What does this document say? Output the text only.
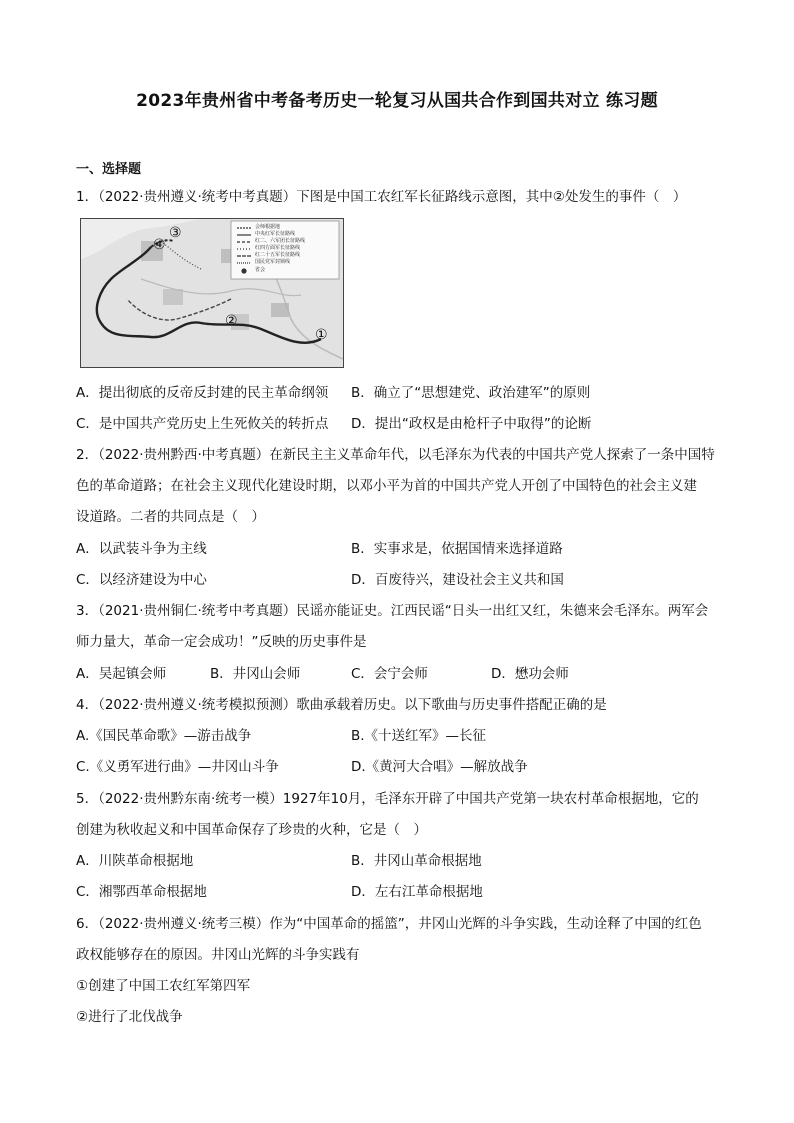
2023年贵州省中考备考历史一轮复习从国共合作到国共对立 练习题
一、选择题
1．（2022·贵州遵义·统考中考真题）下图是中国工农红军长征路线示意图，其中②处发生的事件（　）
①
②
③
④
会师根据地
中央红军长征路线
红二、六军团长征路线
红四方面军长征路线
红二十五军长征路线
国民党军封锁线
省会
A．提出彻底的反帝反封建的民主革命纲领 B．确立了“思想建党、政治建军”的原则
C．是中国共产党历史上生死攸关的转折点 D．提出“政权是由枪杆子中取得”的论断
2．（2022·贵州黔西·中考真题）在新民主主义革命年代，以毛泽东为代表的中国共产党人探索了一条中国特
色的革命道路；在社会主义现代化建设时期，以邓小平为首的中国共产党人开创了中国特色的社会主义建
设道路。二者的共同点是（　）
A．以武装斗争为主线	B．实事求是，依据国情来选择道路
C．以经济建设为中心	D．百废待兴，建设社会主义共和国
3．（2021·贵州铜仁·统考中考真题）民谣亦能证史。江西民谣“日头一出红又红，朱德来会毛泽东。两军会
师力量大，革命一定会成功！”反映的历史事件是
A．吴起镇会师	B．井冈山会师	C．会宁会师	D．懋功会师
4．（2022·贵州遵义·统考模拟预测）歌曲承载着历史。以下歌曲与历史事件搭配正确的是
A.《国民革命歌》—游击战争	B.《十送红军》—长征
C.《义勇军进行曲》—井冈山斗争	D.《黄河大合唱》—解放战争
5．（2022·贵州黔东南·统考一模）1927年10月，毛泽东开辟了中国共产党第一块农村革命根据地，它的
创建为秋收起义和中国革命保存了珍贵的火种，它是（　）
A．川陕革命根据地	B．井冈山革命根据地
C．湘鄂西革命根据地	D．左右江革命根据地
6．（2022·贵州遵义·统考三模）作为“中国革命的摇篮”，井冈山光辉的斗争实践，生动诠释了中国的红色
政权能够存在的原因。井冈山光辉的斗争实践有
①创建了中国工农红军第四军
②进行了北伐战争
